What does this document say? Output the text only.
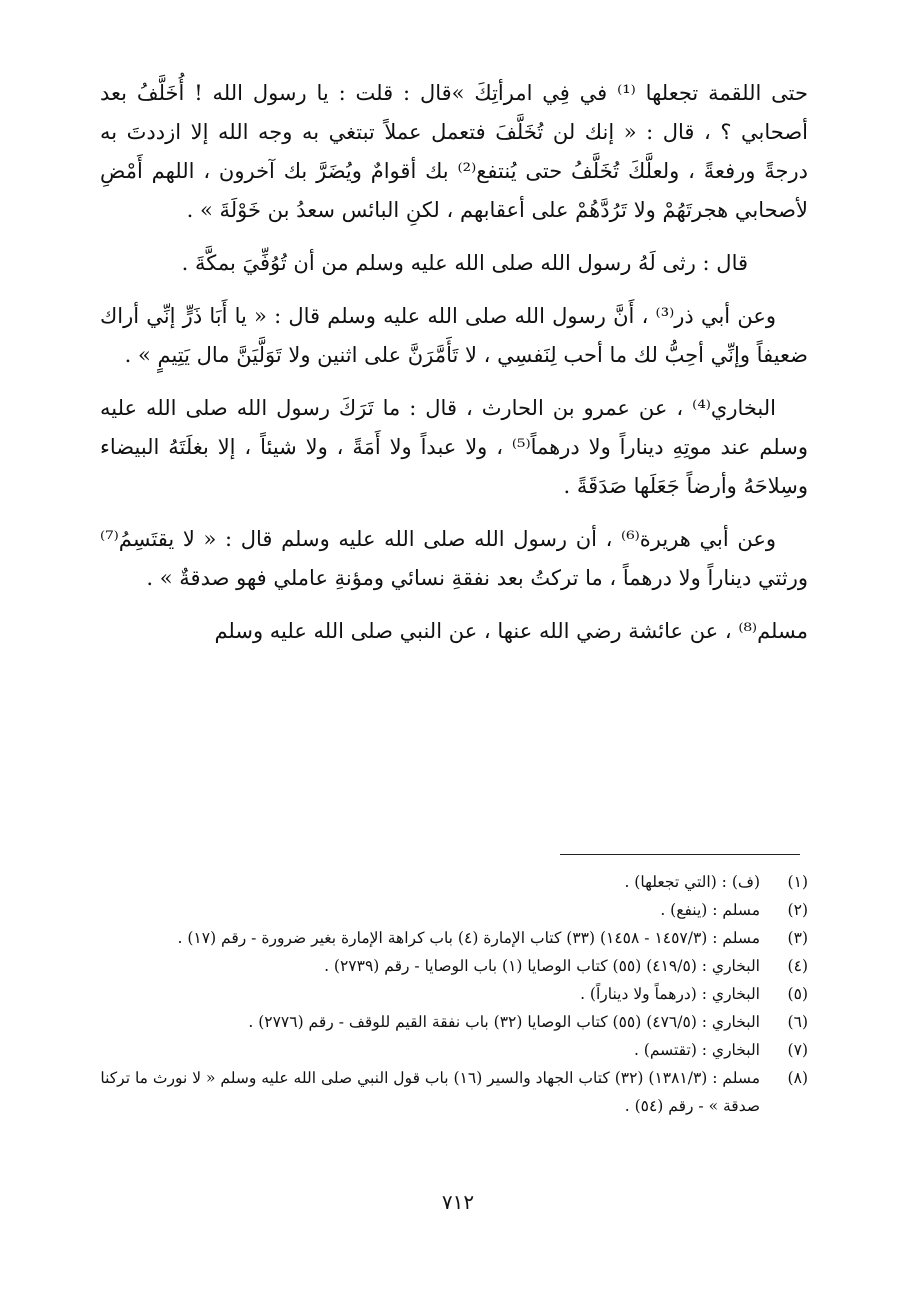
حتى اللقمة تجعلها ⁽¹⁾ في فِي امرأتِكَ »قال : قلت : يا رسول الله ! أُخَلَّفُ بعد أصحابي ؟ ، قال : « إنك لن تُخَلَّفَ فتعمل عملاً تبتغي به وجه الله إلا ازددتَ به درجةً ورفعةً ، ولعلَّكَ تُخَلَّفُ حتى يُنتفع⁽²⁾ بك أقوامٌ ويُضَرَّ بك آخرون ، اللهم أَمْضِ لأصحابي هجرتَهُمْ ولا تَرُدَّهُمْ على أعقابهم ، لكنِ البائس سعدُ بن خَوْلَةَ » .

قال : رثى لَهُ رسول الله صلى الله عليه وسلم من أن تُوُفِّيَ بمكَّةَ .

وعن أبي ذر⁽³⁾ ، أَنَّ رسول الله صلى الله عليه وسلم قال : « يا أَبَا ذَرٍّ إنِّي أراك ضعيفاً وإنِّي أحِبُّ لك ما أحب لِنَفسِي ، لا تَأَمَّرَنَّ على اثنين ولا تَوَلَّيَنَّ مال يَتِيمٍ » .

البخاري⁽⁴⁾ ، عن عمرو بن الحارث ، قال : ما تَرَكَ رسول الله صلى الله عليه وسلم عند موتِهِ ديناراً ولا درهماً⁽⁵⁾ ، ولا عبداً ولا أَمَةً ، ولا شيئاً ، إلا بغلَتَهُ البيضاء وسِلاحَهُ وأرضاً جَعَلَها صَدَقَةً .

وعن أبي هريرة⁽⁶⁾ ، أن رسول الله صلى الله عليه وسلم قال : « لا يقتَسِمُ⁽⁷⁾ ورثتي ديناراً ولا درهماً ، ما تركتُ بعد نفقةِ نسائي ومؤنةِ عاملي فهو صدقةٌ » .

مسلم⁽⁸⁾ ، عن عائشة رضي الله عنها ، عن النبي صلى الله عليه وسلم

(١)
(ف) : (التي تجعلها) .
(٢)
مسلم : (ينفع) .
(٣)
مسلم : (١٤٥٧/٣ - ١٤٥٨) (٣٣) كتاب الإمارة (٤) باب كراهة الإمارة بغير ضرورة - رقم (١٧) .
(٤)
البخاري : (٤١٩/٥) (٥٥) كتاب الوصايا (١) باب الوصايا - رقم (٢٧٣٩) .
(٥)
البخاري : (درهماً ولا ديناراً) .
(٦)
البخاري : (٤٧٦/٥) (٥٥) كتاب الوصايا (٣٢) باب نفقة القيم للوقف - رقم (٢٧٧٦) .
(٧)
البخاري : (تقتسم) .
(٨)
مسلم : (١٣٨١/٣) (٣٢) كتاب الجهاد والسير (١٦) باب قول النبي صلى الله عليه وسلم « لا نورث ما تركنا صدقة » - رقم (٥٤) .
٧١٢
